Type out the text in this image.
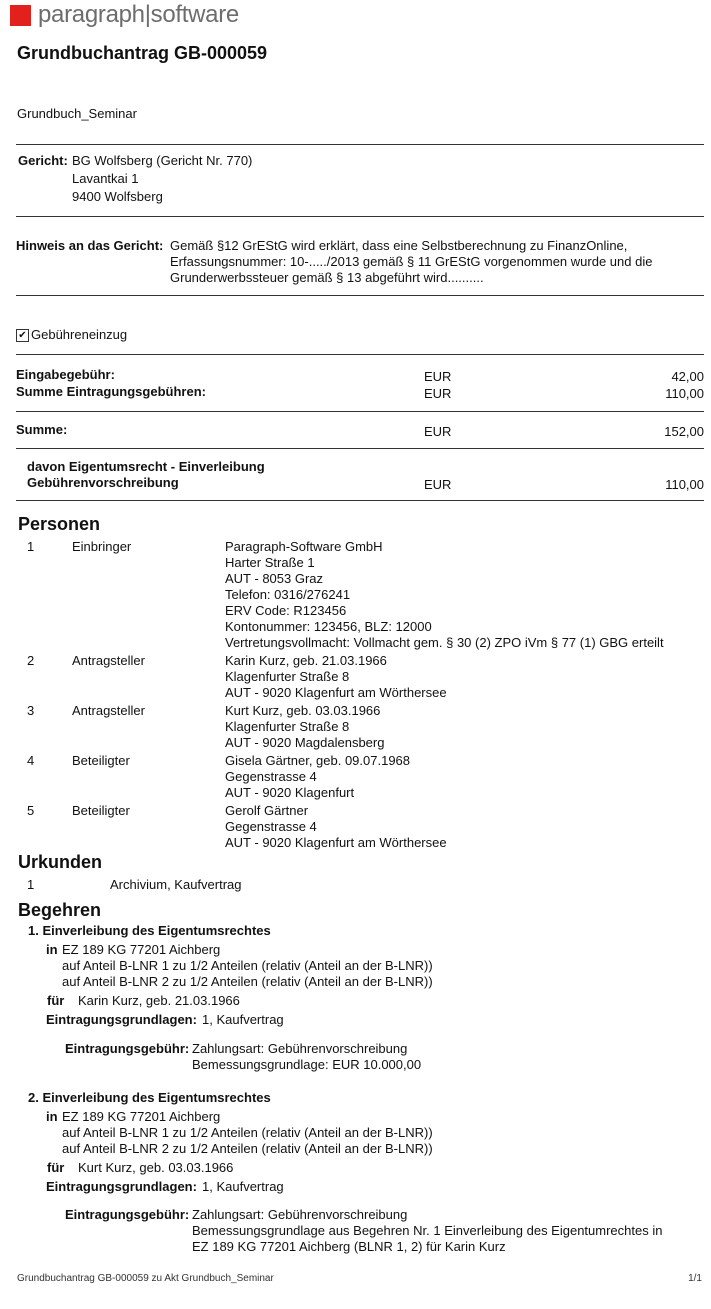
paragraph|software
Grundbuchantrag GB-000059
Grundbuch_Seminar
Gericht: BG Wolfsberg (Gericht Nr. 770)
Lavantkai 1
9400 Wolfsberg
Hinweis an das Gericht: Gemäß §12 GrEStG wird erklärt, dass eine Selbstberechnung zu FinanzOnline,
Erfassungsnummer: 10-...../2013 gemäß § 11 GrEStG vorgenommen wurde und die
Grunderwerbssteuer gemäß § 13 abgeführt wird..........
✔ Gebühreneinzug
Eingabegebühr:	EUR	42,00
Summe Eintragungsgebühren:	EUR	110,00
Summe:	EUR	152,00
davon Eigentumsrecht - Einverleibung
Gebührenvorschreibung	EUR	110,00
Personen
1	Einbringer	Paragraph-Software GmbH
Harter Straße 1
AUT - 8053 Graz
Telefon: 0316/276241
ERV Code: R123456
Kontonummer: 123456, BLZ: 12000
Vertretungsvollmacht: Vollmacht gem. § 30 (2) ZPO iVm § 77 (1) GBG erteilt
2	Antragsteller	Karin Kurz, geb. 21.03.1966
Klagenfurter Straße 8
AUT - 9020 Klagenfurt am Wörthersee
3	Antragsteller	Kurt Kurz, geb. 03.03.1966
Klagenfurter Straße 8
AUT - 9020 Magdalensberg
4	Beteiligter	Gisela Gärtner, geb. 09.07.1968
Gegenstrasse 4
AUT - 9020 Klagenfurt
5	Beteiligter	Gerolf Gärtner
Gegenstrasse 4
AUT - 9020 Klagenfurt am Wörthersee
Urkunden
1	Archivium, Kaufvertrag
Begehren
1. Einverleibung des Eigentumsrechtes
in EZ 189 KG 77201 Aichberg
auf Anteil B-LNR 1 zu 1/2 Anteilen (relativ (Anteil an der B-LNR))
auf Anteil B-LNR 2 zu 1/2 Anteilen (relativ (Anteil an der B-LNR))
für Karin Kurz, geb. 21.03.1966
Eintragungsgrundlagen: 1, Kaufvertrag
Eintragungsgebühr: Zahlungsart: Gebührenvorschreibung
Bemessungsgrundlage: EUR 10.000,00
2. Einverleibung des Eigentumsrechtes
in EZ 189 KG 77201 Aichberg
auf Anteil B-LNR 1 zu 1/2 Anteilen (relativ (Anteil an der B-LNR))
auf Anteil B-LNR 2 zu 1/2 Anteilen (relativ (Anteil an der B-LNR))
für Kurt Kurz, geb. 03.03.1966
Eintragungsgrundlagen: 1, Kaufvertrag
Eintragungsgebühr: Zahlungsart: Gebührenvorschreibung
Bemessungsgrundlage aus Begehren Nr. 1 Einverleibung des Eigentumrechtes in
EZ 189 KG 77201 Aichberg (BLNR 1, 2) für Karin Kurz
Grundbuchantrag GB-000059 zu Akt Grundbuch_Seminar	1/1
